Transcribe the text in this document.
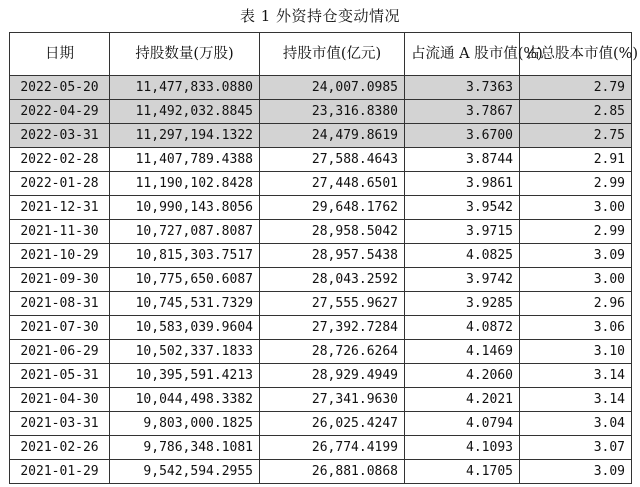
表 1 外资持仓变动情况
日期	持股数量(万股)	持股市值(亿元)	占流通 A 股市值(%)	占总股本市值(%)
2022-05-20	11,477,833.0880	24,007.0985	3.7363	2.79
2022-04-29	11,492,032.8845	23,316.8380	3.7867	2.85
2022-03-31	11,297,194.1322	24,479.8619	3.6700	2.75
2022-02-28	11,407,789.4388	27,588.4643	3.8744	2.91
2022-01-28	11,190,102.8428	27,448.6501	3.9861	2.99
2021-12-31	10,990,143.8056	29,648.1762	3.9542	3.00
2021-11-30	10,727,087.8087	28,958.5042	3.9715	2.99
2021-10-29	10,815,303.7517	28,957.5438	4.0825	3.09
2021-09-30	10,775,650.6087	28,043.2592	3.9742	3.00
2021-08-31	10,745,531.7329	27,555.9627	3.9285	2.96
2021-07-30	10,583,039.9604	27,392.7284	4.0872	3.06
2021-06-29	10,502,337.1833	28,726.6264	4.1469	3.10
2021-05-31	10,395,591.4213	28,929.4949	4.2060	3.14
2021-04-30	10,044,498.3382	27,341.9630	4.2021	3.14
2021-03-31	9,803,000.1825	26,025.4247	4.0794	3.04
2021-02-26	9,786,348.1081	26,774.4199	4.1093	3.07
2021-01-29	9,542,594.2955	26,881.0868	4.1705	3.09
